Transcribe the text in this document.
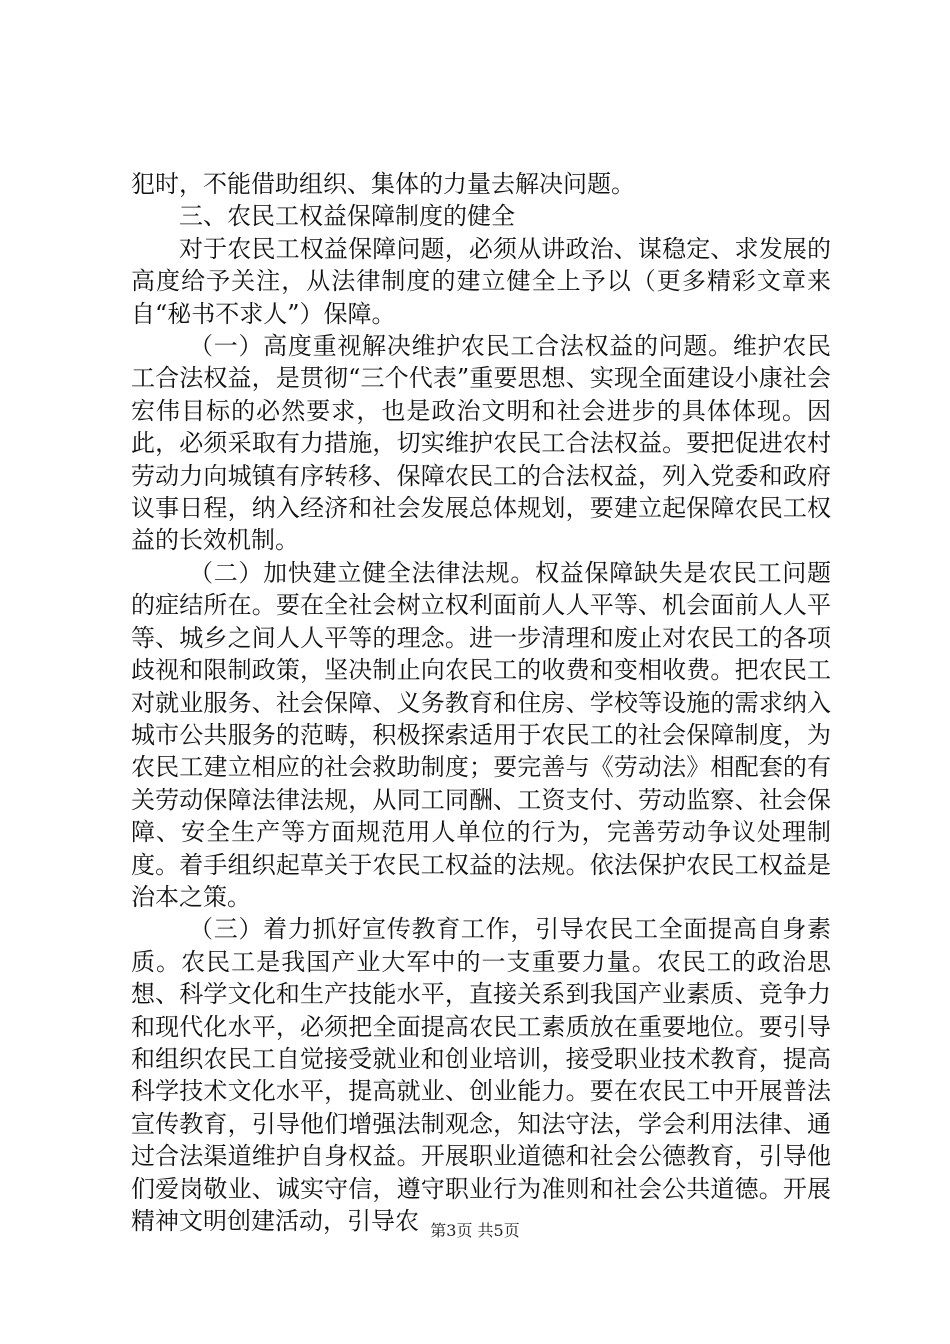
犯时，不能借助组织、集体的力量去解决问题。

三、农民工权益保障制度的健全

对于农民工权益保障问题，必须从讲政治、谋稳定、求发展的高度给予关注，从法律制度的建立健全上予以（更多精彩文章来自“秘书不求人”）保障。

（一）高度重视解决维护农民工合法权益的问题。维护农民工合法权益，是贯彻“三个代表”重要思想、实现全面建设小康社会宏伟目标的必然要求，也是政治文明和社会进步的具体体现。因此，必须采取有力措施，切实维护农民工合法权益。要把促进农村劳动力向城镇有序转移、保障农民工的合法权益，列入党委和政府议事日程，纳入经济和社会发展总体规划，要建立起保障农民工权益的长效机制。

（二）加快建立健全法律法规。权益保障缺失是农民工问题的症结所在。要在全社会树立权利面前人人平等、机会面前人人平等、城乡之间人人平等的理念。进一步清理和废止对农民工的各项歧视和限制政策，坚决制止向农民工的收费和变相收费。把农民工对就业服务、社会保障、义务教育和住房、学校等设施的需求纳入城市公共服务的范畴，积极探索适用于农民工的社会保障制度，为农民工建立相应的社会救助制度；要完善与《劳动法》相配套的有关劳动保障法律法规，从同工同酬、工资支付、劳动监察、社会保障、安全生产等方面规范用人单位的行为，完善劳动争议处理制度。着手组织起草关于农民工权益的法规。依法保护农民工权益是治本之策。

（三）着力抓好宣传教育工作，引导农民工全面提高自身素质。农民工是我国产业大军中的一支重要力量。农民工的政治思想、科学文化和生产技能水平，直接关系到我国产业素质、竞争力和现代化水平，必须把全面提高农民工素质放在重要地位。要引导和组织农民工自觉接受就业和创业培训，接受职业技术教育，提高科学技术文化水平，提高就业、创业能力。要在农民工中开展普法宣传教育，引导他们增强法制观念，知法守法，学会利用法律、通过合法渠道维护自身权益。开展职业道德和社会公德教育，引导他们爱岗敬业、诚实守信，遵守职业行为准则和社会公共道德。开展精神文明创建活动，引导农 第3页 共5页
